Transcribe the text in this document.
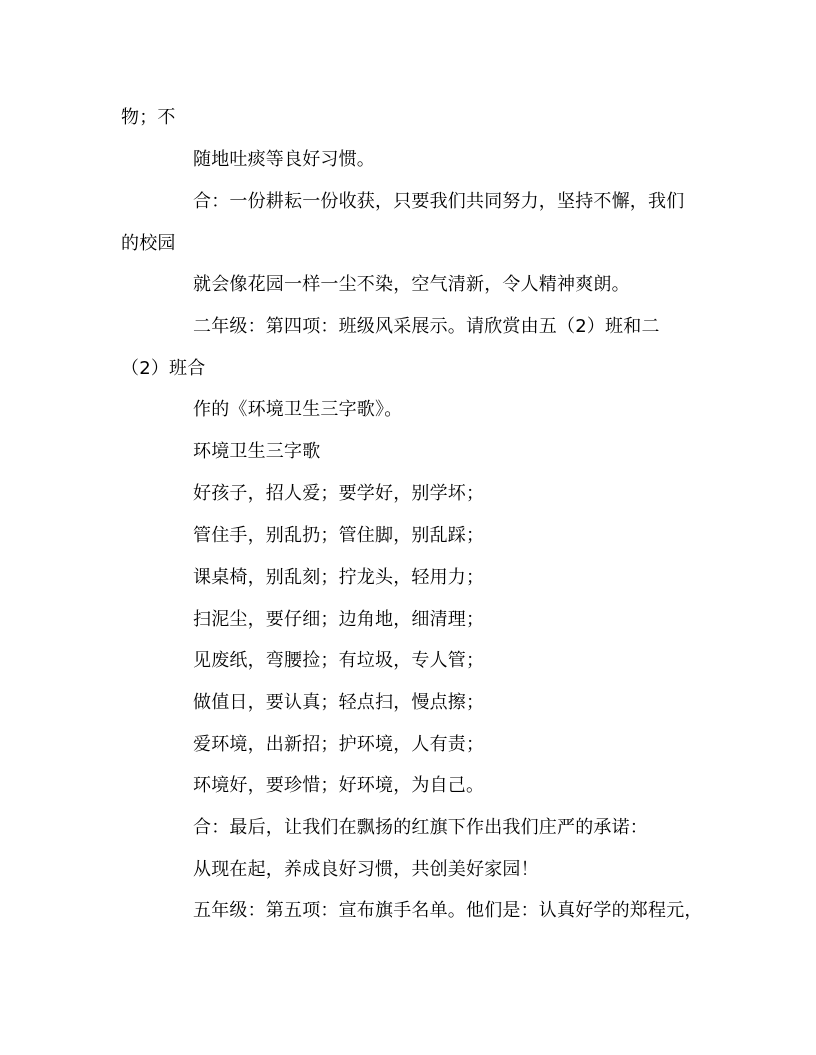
物；不
随地吐痰等良好习惯。
合：一份耕耘一份收获，只要我们共同努力，坚持不懈，我们
的校园
就会像花园一样一尘不染，空气清新，令人精神爽朗。
二年级：第四项：班级风采展示。请欣赏由五（2）班和二
（2）班合
作的《环境卫生三字歌》。
环境卫生三字歌
好孩子，招人爱；要学好，别学坏；
管住手，别乱扔；管住脚，别乱踩；
课桌椅，别乱刻；拧龙头，轻用力；
扫泥尘，要仔细；边角地，细清理；
见废纸，弯腰捡；有垃圾，专人管；
做值日，要认真；轻点扫，慢点擦；
爱环境，出新招；护环境，人有责；
环境好，要珍惜；好环境，为自己。
合：最后，让我们在飘扬的红旗下作出我们庄严的承诺：
从现在起，养成良好习惯，共创美好家园！
五年级：第五项：宣布旗手名单。他们是：认真好学的郑程元，
